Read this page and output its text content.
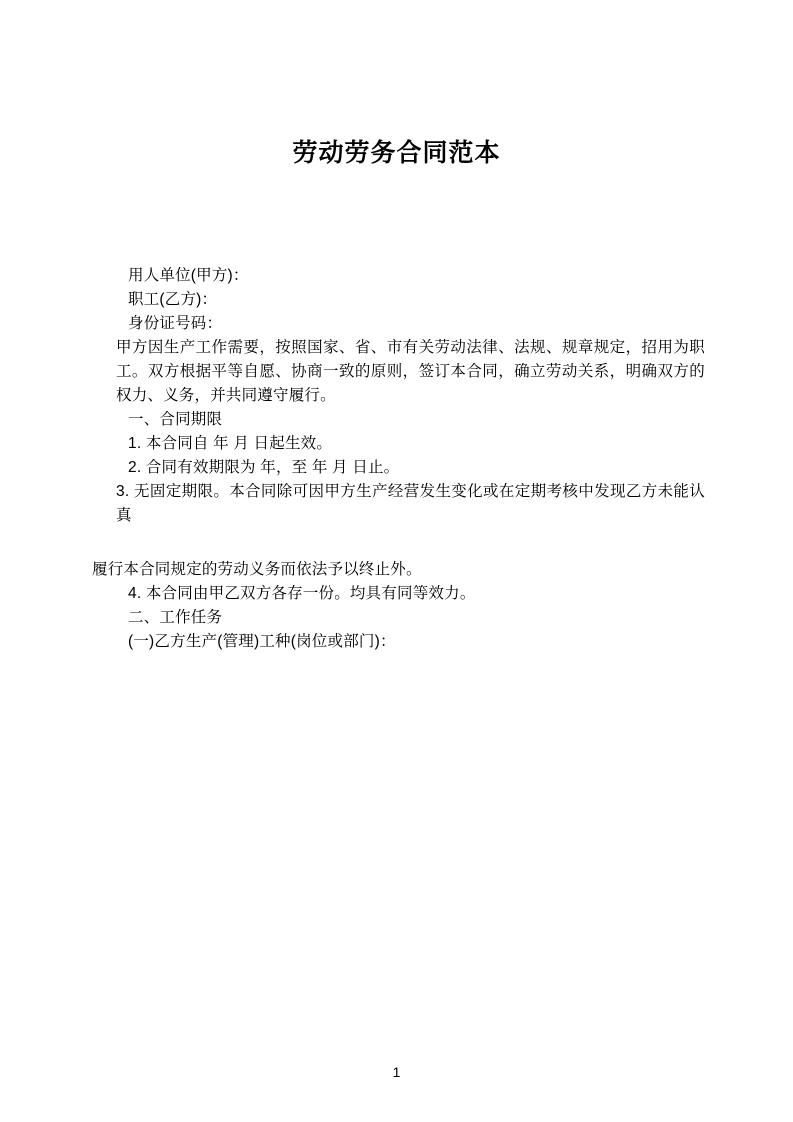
劳动劳务合同范本

用人单位(甲方)：

职工(乙方)：

身份证号码：

甲方因生产工作需要，按照国家、省、市有关劳动法律、法规、规章规定，招用为职工。双方根据平等自愿、协商一致的原则，签订本合同，确立劳动关系，明确双方的权力、义务，并共同遵守履行。

一、合同期限

1. 本合同自 年 月 日起生效。

2. 合同有效期限为 年，至 年 月 日止。

3. 无固定期限。本合同除可因甲方生产经营发生变化或在定期考核中发现乙方未能认真

履行本合同规定的劳动义务而依法予以终止外。

4. 本合同由甲乙双方各存一份。均具有同等效力。

二、工作任务

(一)乙方生产(管理)工种(岗位或部门)：

1
